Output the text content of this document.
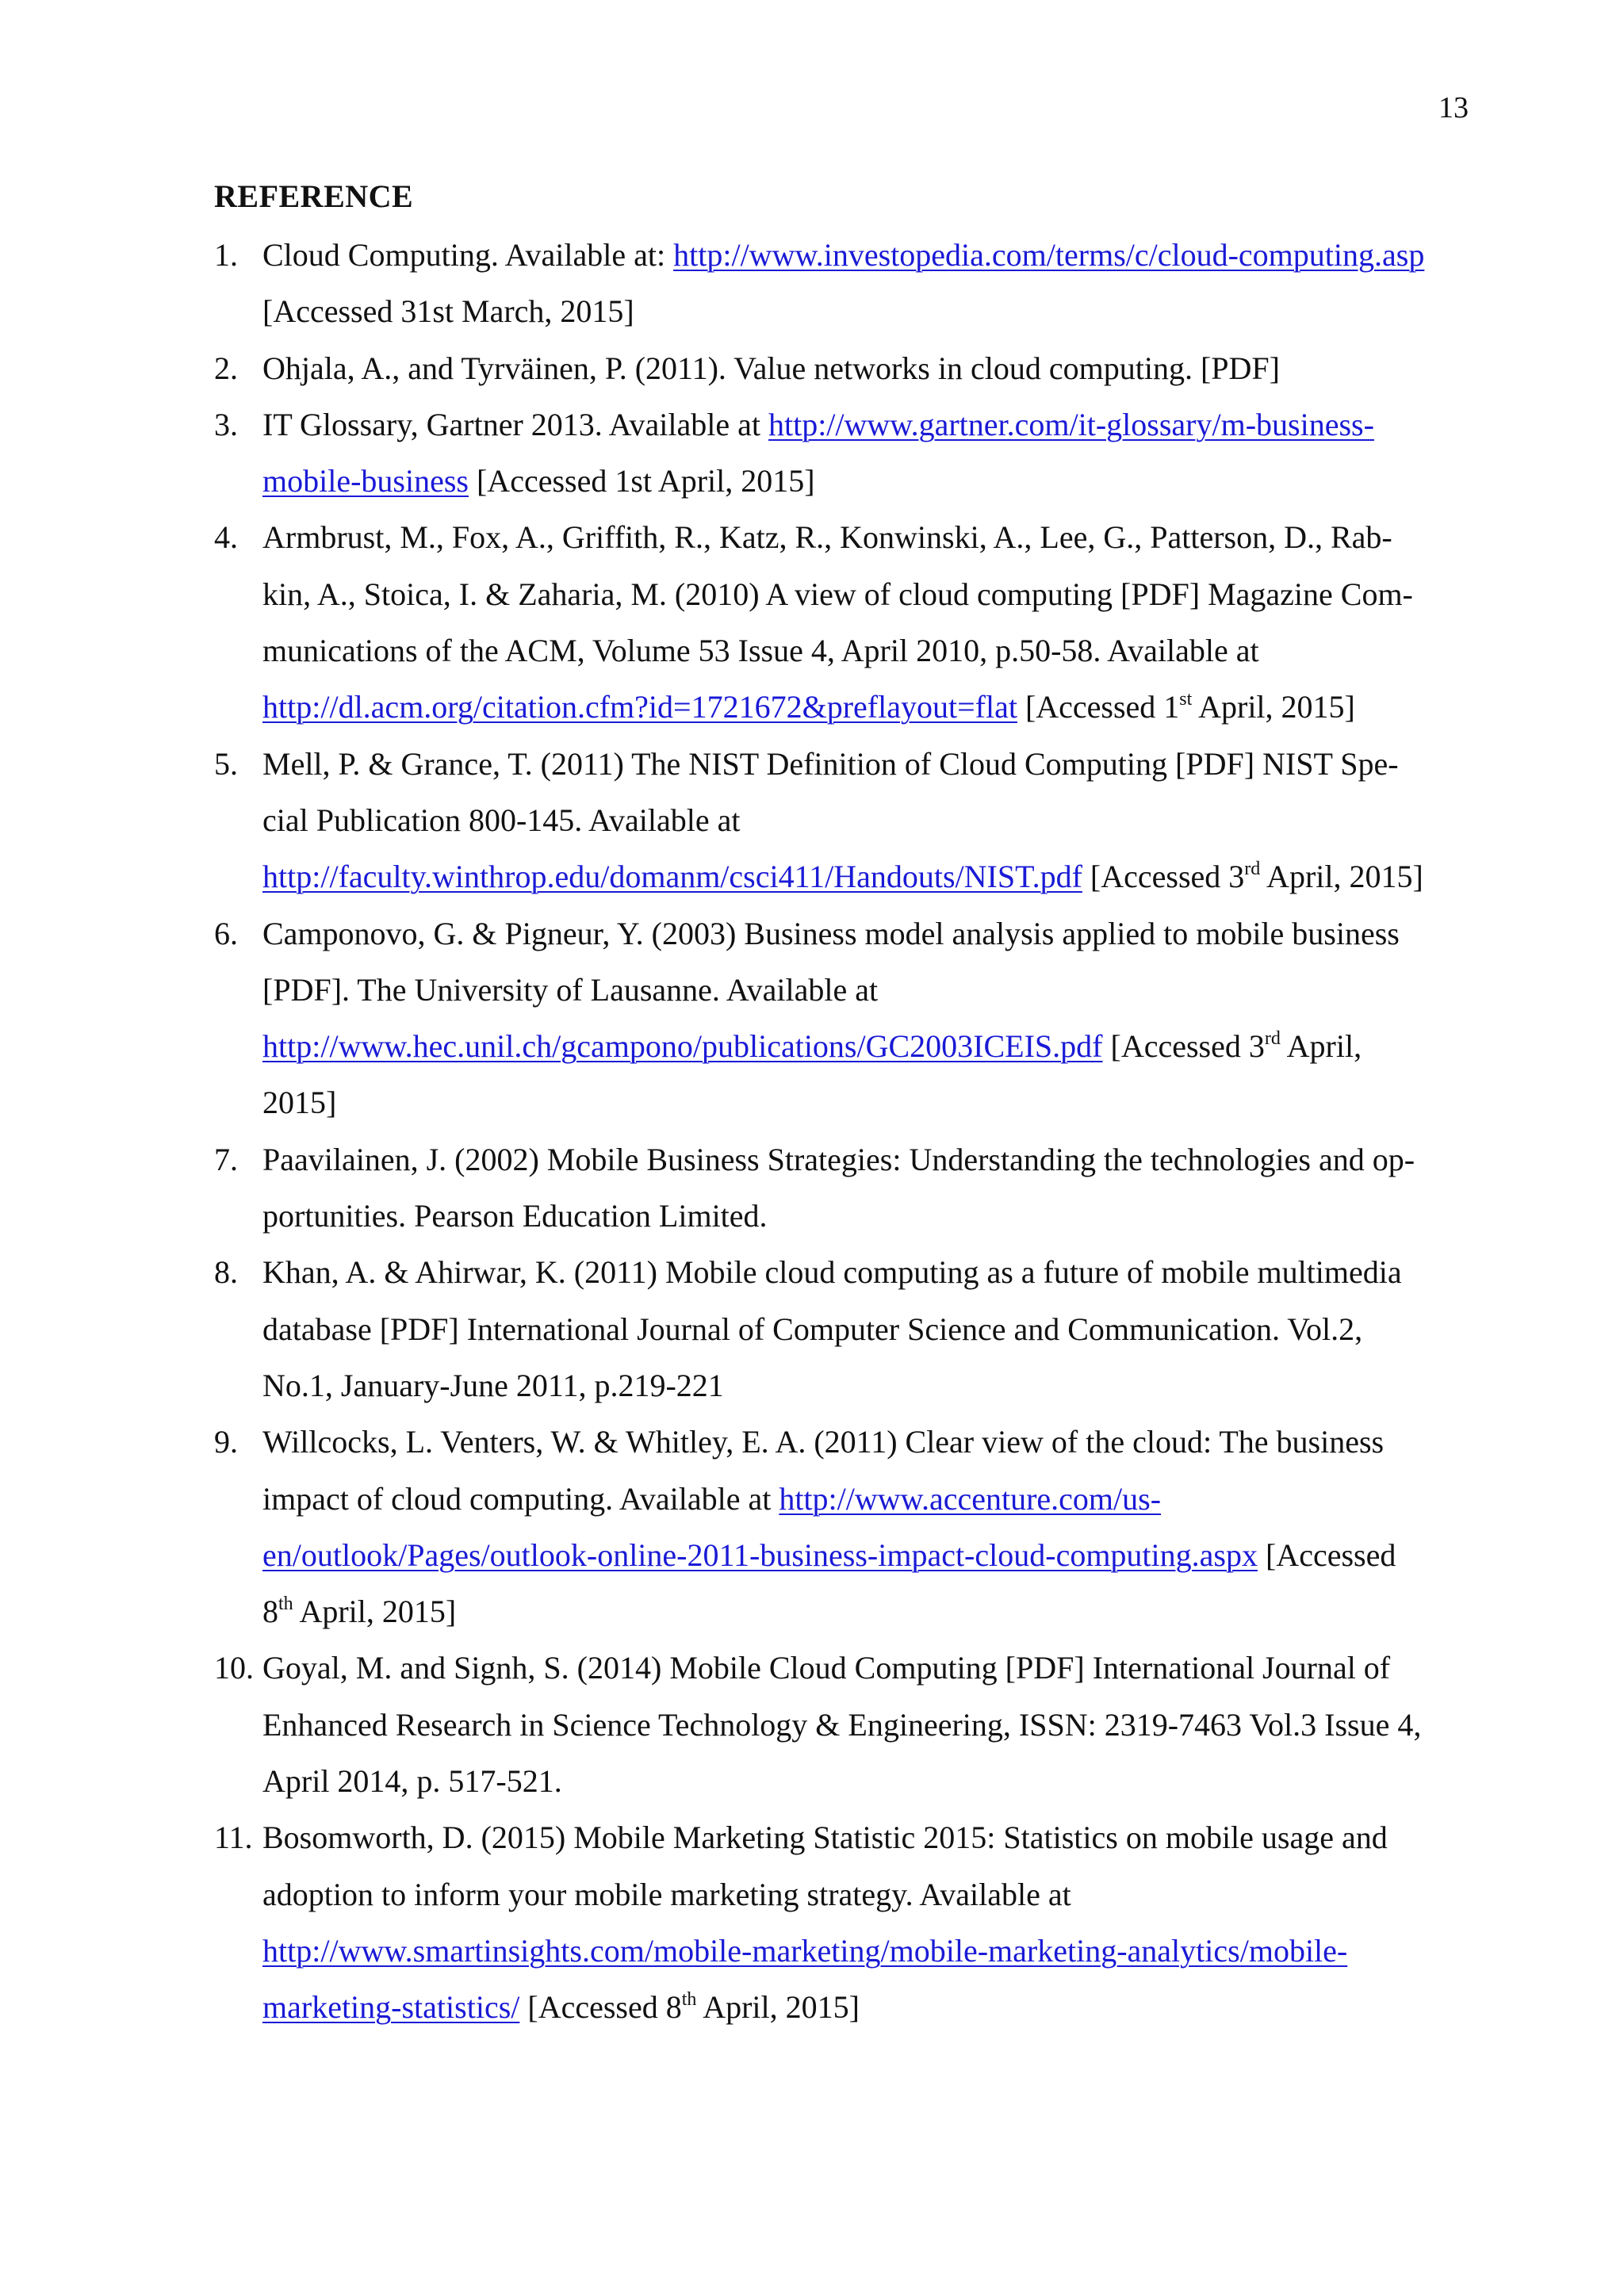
13
REFERENCE
1. Cloud Computing. Available at: http://www.investopedia.com/terms/c/cloud-computing.asp
[Accessed 31st March, 2015]
2. Ohjala, A., and Tyrväinen, P. (2011). Value networks in cloud computing. [PDF]
3. IT Glossary, Gartner 2013. Available at http://www.gartner.com/it-glossary/m-business-
mobile-business [Accessed 1st April, 2015]
4. Armbrust, M., Fox, A., Griffith, R., Katz, R., Konwinski, A., Lee, G., Patterson, D., Rab-
kin, A., Stoica, I. & Zaharia, M. (2010) A view of cloud computing [PDF] Magazine Com-
munications of the ACM, Volume 53 Issue 4, April 2010, p.50-58. Available at
http://dl.acm.org/citation.cfm?id=1721672&preflayout=flat [Accessed 1st April, 2015]
5. Mell, P. & Grance, T. (2011) The NIST Definition of Cloud Computing [PDF] NIST Spe-
cial Publication 800-145. Available at
http://faculty.winthrop.edu/domanm/csci411/Handouts/NIST.pdf [Accessed 3rd April, 2015]
6. Camponovo, G. & Pigneur, Y. (2003) Business model analysis applied to mobile business
[PDF]. The University of Lausanne. Available at
http://www.hec.unil.ch/gcampono/publications/GC2003ICEIS.pdf [Accessed 3rd April,
2015]
7. Paavilainen, J. (2002) Mobile Business Strategies: Understanding the technologies and op-
portunities. Pearson Education Limited.
8. Khan, A. & Ahirwar, K. (2011) Mobile cloud computing as a future of mobile multimedia
database [PDF] International Journal of Computer Science and Communication. Vol.2,
No.1, January-June 2011, p.219-221
9. Willcocks, L. Venters, W. & Whitley, E. A. (2011) Clear view of the cloud: The business
impact of cloud computing. Available at http://www.accenture.com/us-
en/outlook/Pages/outlook-online-2011-business-impact-cloud-computing.aspx [Accessed
8th April, 2015]
10. Goyal, M. and Signh, S. (2014) Mobile Cloud Computing [PDF] International Journal of
Enhanced Research in Science Technology & Engineering, ISSN: 2319-7463 Vol.3 Issue 4,
April 2014, p. 517-521.
11. Bosomworth, D. (2015) Mobile Marketing Statistic 2015: Statistics on mobile usage and
adoption to inform your mobile marketing strategy. Available at
http://www.smartinsights.com/mobile-marketing/mobile-marketing-analytics/mobile-
marketing-statistics/ [Accessed 8th April, 2015]
